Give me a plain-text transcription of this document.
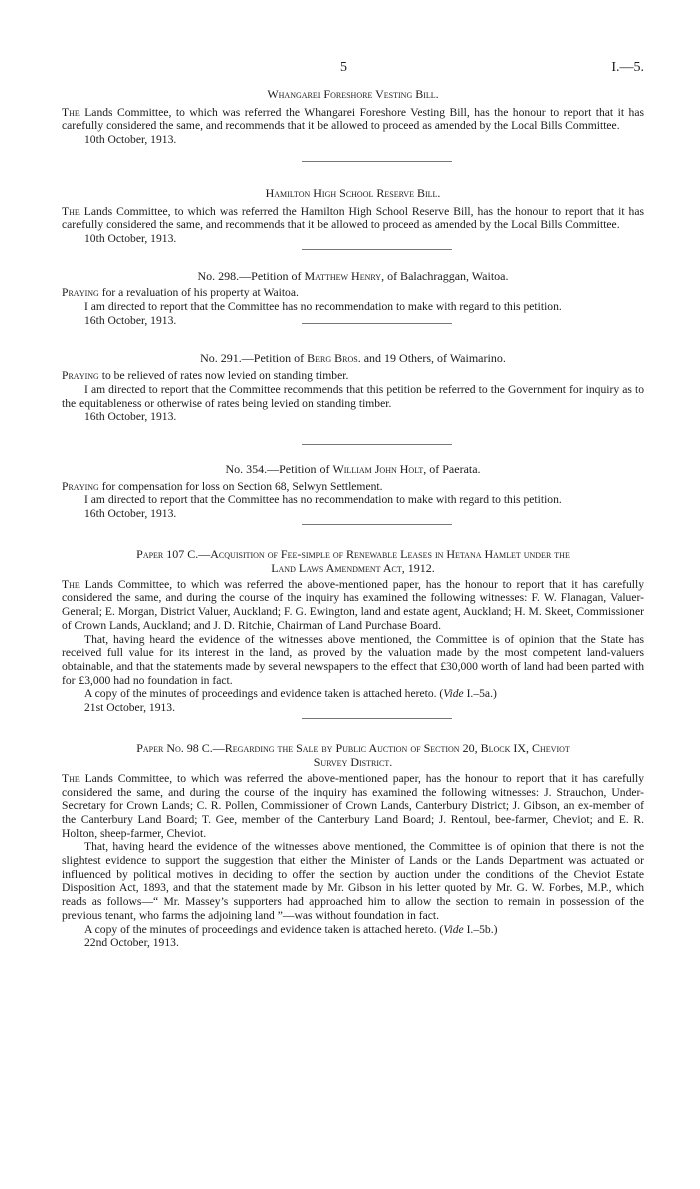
5	I.—5.
Whangarei Foreshore Vesting Bill.

The Lands Committee, to which was referred the Whangarei Foreshore Vesting Bill, has the honour to report that it has carefully considered the same, and recommends that it be allowed to proceed as amended by the Local Bills Committee.

10th October, 1913.

Hamilton High School Reserve Bill.

The Lands Committee, to which was referred the Hamilton High School Reserve Bill, has the honour to report that it has carefully considered the same, and recommends that it be allowed to proceed as amended by the Local Bills Committee.

10th October, 1913.

No. 298.—Petition of Matthew Henry, of Balachraggan, Waitoa.

Praying for a revaluation of his property at Waitoa.

I am directed to report that the Committee has no recommendation to make with regard to this petition.

16th October, 1913.

No. 291.—Petition of Berg Bros. and 19 Others, of Waimarino.

Praying to be relieved of rates now levied on standing timber.

I am directed to report that the Committee recommends that this petition be referred to the Government for inquiry as to the equitableness or otherwise of rates being levied on standing timber.

16th October, 1913.

No. 354.—Petition of William John Holt, of Paerata.

Praying for compensation for loss on Section 68, Selwyn Settlement.

I am directed to report that the Committee has no recommendation to make with regard to this petition.

16th October, 1913.

Paper 107 C.—Acquisition of Fee-simple of Renewable Leases in Hetana Hamlet under the
Land Laws Amendment Act, 1912.

The Lands Committee, to which was referred the above-mentioned paper, has the honour to report that it has carefully considered the same, and during the course of the inquiry has examined the following witnesses: F. W. Flanagan, Valuer-General; E. Morgan, District Valuer, Auckland; F. G. Ewington, land and estate agent, Auckland; H. M. Skeet, Commissioner of Crown Lands, Auckland; and J. D. Ritchie, Chairman of Land Purchase Board.

That, having heard the evidence of the witnesses above mentioned, the Committee is of opinion that the State has received full value for its interest in the land, as proved by the valuation made by the most competent land-valuers obtainable, and that the statements made by several newspapers to the effect that £30,000 worth of land had been parted with for £3,000 had no foundation in fact.

A copy of the minutes of proceedings and evidence taken is attached hereto. (Vide I.–5a.)

21st October, 1913.

Paper No. 98 C.—Regarding the Sale by Public Auction of Section 20, Block IX, Cheviot
Survey District.

The Lands Committee, to which was referred the above-mentioned paper, has the honour to report that it has carefully considered the same, and during the course of the inquiry has examined the following witnesses: J. Strauchon, Under-Secretary for Crown Lands; C. R. Pollen, Commissioner of Crown Lands, Canterbury District; J. Gibson, an ex-member of the Canterbury Land Board; T. Gee, member of the Canterbury Land Board; J. Rentoul, bee-farmer, Cheviot; and E. R. Holton, sheep-farmer, Cheviot.

That, having heard the evidence of the witnesses above mentioned, the Committee is of opinion that there is not the slightest evidence to support the suggestion that either the Minister of Lands or the Lands Department was actuated or influenced by political motives in deciding to offer the section by auction under the conditions of the Cheviot Estate Disposition Act, 1893, and that the statement made by Mr. Gibson in his letter quoted by Mr. G. W. Forbes, M.P., which reads as follows—“ Mr. Massey’s supporters had approached him to allow the section to remain in possession of the previous tenant, who farms the adjoining land ”—was without foundation in fact.

A copy of the minutes of proceedings and evidence taken is attached hereto. (Vide I.–5b.)

22nd October, 1913.
